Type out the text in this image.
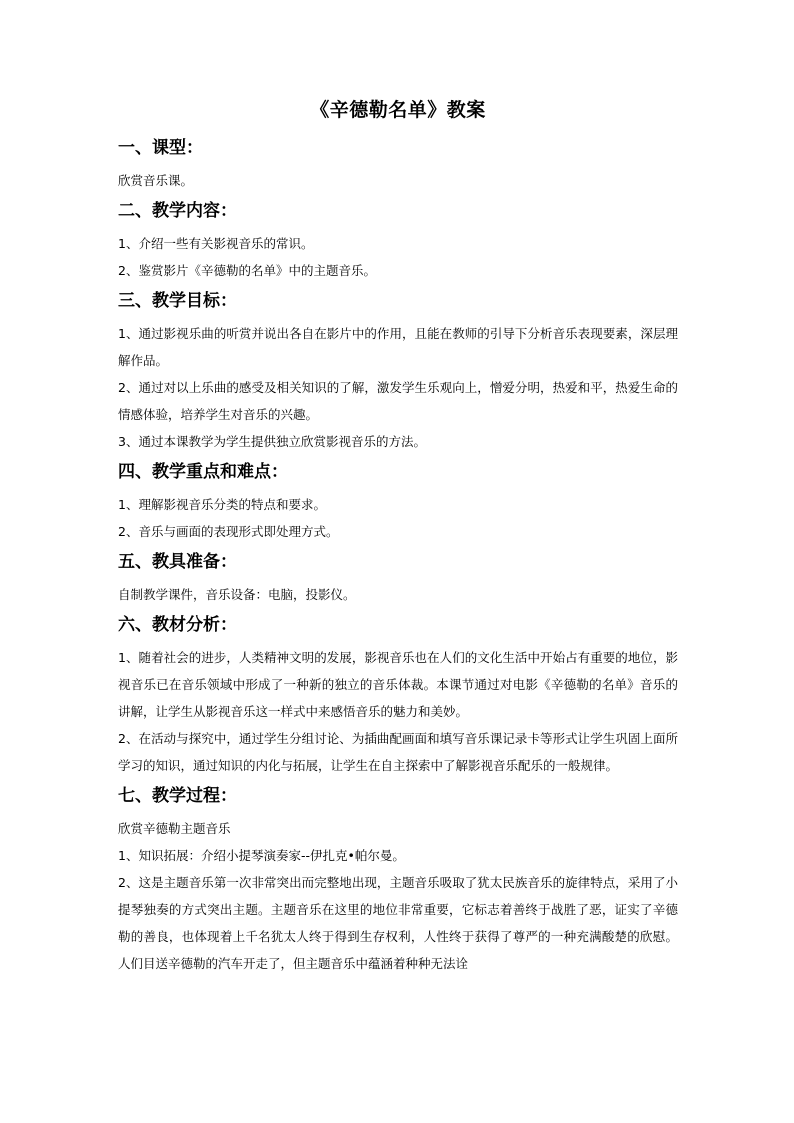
《辛德勒名单》教案
一、课型：

欣赏音乐课。

二、教学内容：

1、介绍一些有关影视音乐的常识。

2、鉴赏影片《辛德勒的名单》中的主题音乐。

三、教学目标：

1、通过影视乐曲的听赏并说出各自在影片中的作用，且能在教师的引导下分析音乐表现要素，深层理解作品。

2、通过对以上乐曲的感受及相关知识的了解，激发学生乐观向上，憎爱分明，热爱和平，热爱生命的情感体验，培养学生对音乐的兴趣。

3、通过本课教学为学生提供独立欣赏影视音乐的方法。

四、教学重点和难点：

1、理解影视音乐分类的特点和要求。

2、音乐与画面的表现形式即处理方式。

五、教具准备：

自制教学课件，音乐设备：电脑，投影仪。

六、教材分析：

1、随着社会的进步，人类精神文明的发展，影视音乐也在人们的文化生活中开始占有重要的地位，影视音乐已在音乐领域中形成了一种新的独立的音乐体裁。本课节通过对电影《辛德勒的名单》音乐的讲解，让学生从影视音乐这一样式中来感悟音乐的魅力和美妙。

2、在活动与探究中，通过学生分组讨论、为插曲配画面和填写音乐课记录卡等形式让学生巩固上面所学习的知识，通过知识的内化与拓展，让学生在自主探索中了解影视音乐配乐的一般规律。

七、教学过程：

欣赏辛德勒主题音乐

1、知识拓展：介绍小提琴演奏家--伊扎克•帕尔曼。

2、这是主题音乐第一次非常突出而完整地出现，主题音乐吸取了犹太民族音乐的旋律特点，采用了小提琴独奏的方式突出主题。主题音乐在这里的地位非常重要，它标志着善终于战胜了恶，证实了辛德勒的善良，也体现着上千名犹太人终于得到生存权利，人性终于获得了尊严的一种充满酸楚的欣慰。人们目送辛德勒的汽车开走了，但主题音乐中蕴涵着种种无法诠
